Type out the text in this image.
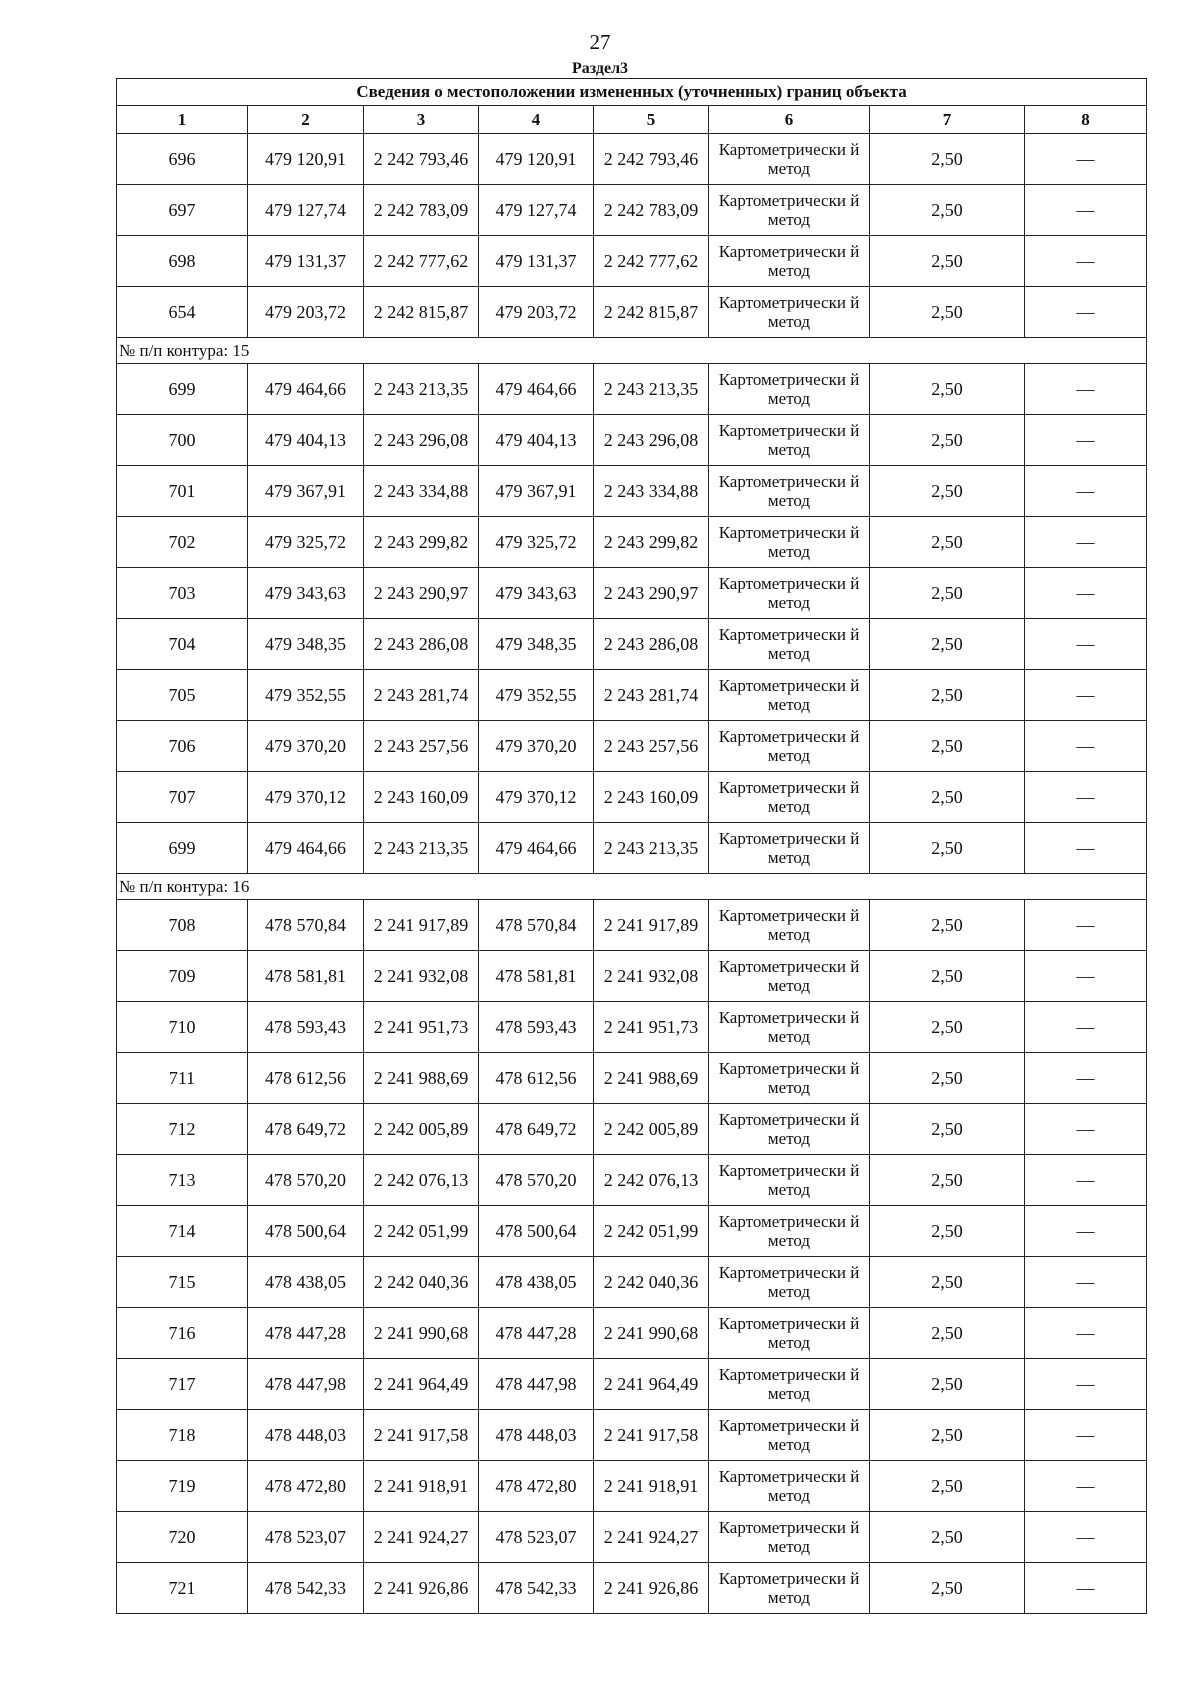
27
Раздел3
Сведения о местоположении измененных (уточненных) границ объекта							
1	2	3	4	5	6	7	8
696	479 120,91	2 242 793,46	479 120,91	2 242 793,46	Картометрически й метод	2,50	—
697	479 127,74	2 242 783,09	479 127,74	2 242 783,09	Картометрически й метод	2,50	—
698	479 131,37	2 242 777,62	479 131,37	2 242 777,62	Картометрически й метод	2,50	—
654	479 203,72	2 242 815,87	479 203,72	2 242 815,87	Картометрически й метод	2,50	—
№ п/п контура: 15							
699	479 464,66	2 243 213,35	479 464,66	2 243 213,35	Картометрически й метод	2,50	—
700	479 404,13	2 243 296,08	479 404,13	2 243 296,08	Картометрически й метод	2,50	—
701	479 367,91	2 243 334,88	479 367,91	2 243 334,88	Картометрически й метод	2,50	—
702	479 325,72	2 243 299,82	479 325,72	2 243 299,82	Картометрически й метод	2,50	—
703	479 343,63	2 243 290,97	479 343,63	2 243 290,97	Картометрически й метод	2,50	—
704	479 348,35	2 243 286,08	479 348,35	2 243 286,08	Картометрически й метод	2,50	—
705	479 352,55	2 243 281,74	479 352,55	2 243 281,74	Картометрически й метод	2,50	—
706	479 370,20	2 243 257,56	479 370,20	2 243 257,56	Картометрически й метод	2,50	—
707	479 370,12	2 243 160,09	479 370,12	2 243 160,09	Картометрически й метод	2,50	—
699	479 464,66	2 243 213,35	479 464,66	2 243 213,35	Картометрически й метод	2,50	—
№ п/п контура: 16							
708	478 570,84	2 241 917,89	478 570,84	2 241 917,89	Картометрически й метод	2,50	—
709	478 581,81	2 241 932,08	478 581,81	2 241 932,08	Картометрически й метод	2,50	—
710	478 593,43	2 241 951,73	478 593,43	2 241 951,73	Картометрически й метод	2,50	—
711	478 612,56	2 241 988,69	478 612,56	2 241 988,69	Картометрически й метод	2,50	—
712	478 649,72	2 242 005,89	478 649,72	2 242 005,89	Картометрически й метод	2,50	—
713	478 570,20	2 242 076,13	478 570,20	2 242 076,13	Картометрически й метод	2,50	—
714	478 500,64	2 242 051,99	478 500,64	2 242 051,99	Картометрически й метод	2,50	—
715	478 438,05	2 242 040,36	478 438,05	2 242 040,36	Картометрически й метод	2,50	—
716	478 447,28	2 241 990,68	478 447,28	2 241 990,68	Картометрически й метод	2,50	—
717	478 447,98	2 241 964,49	478 447,98	2 241 964,49	Картометрически й метод	2,50	—
718	478 448,03	2 241 917,58	478 448,03	2 241 917,58	Картометрически й метод	2,50	—
719	478 472,80	2 241 918,91	478 472,80	2 241 918,91	Картометрически й метод	2,50	—
720	478 523,07	2 241 924,27	478 523,07	2 241 924,27	Картометрически й метод	2,50	—
721	478 542,33	2 241 926,86	478 542,33	2 241 926,86	Картометрически й метод	2,50	—
